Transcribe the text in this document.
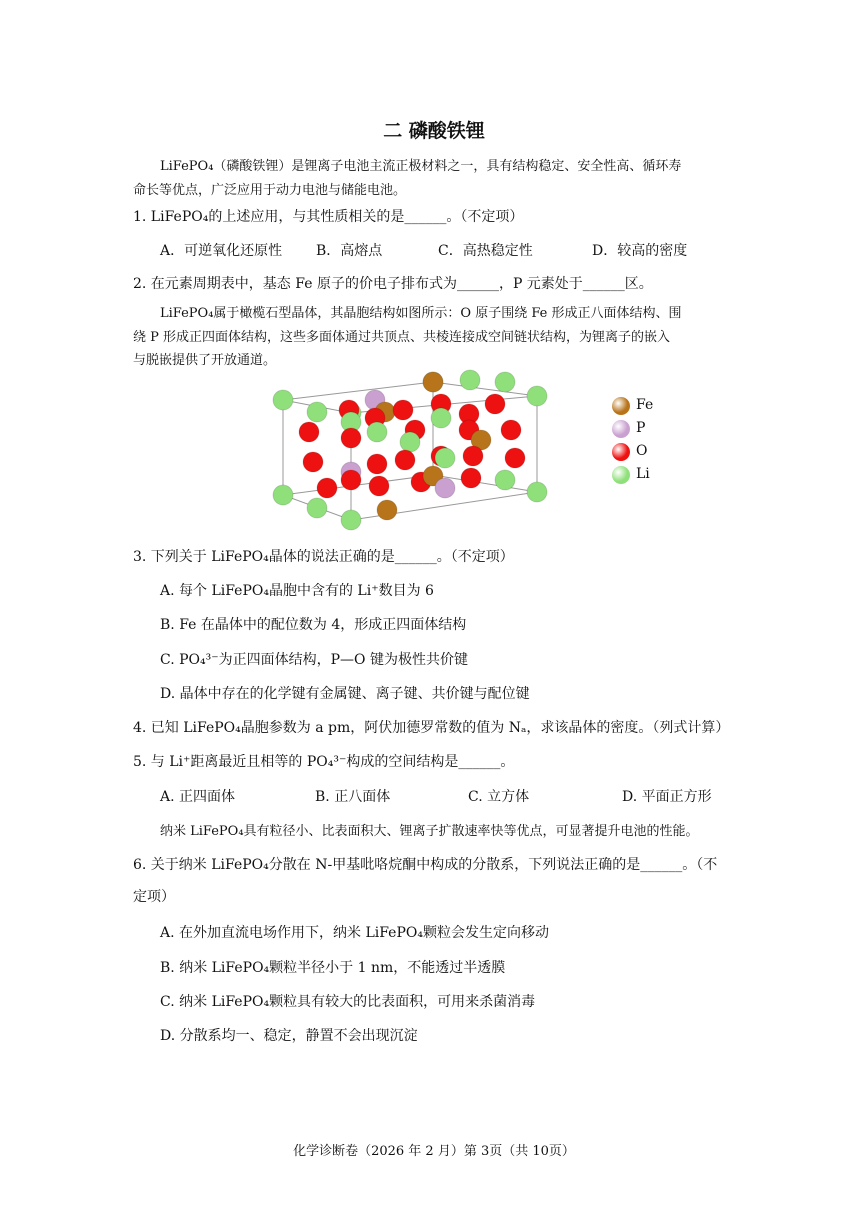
二 磷酸铁锂
LiFePO₄（磷酸铁锂）是锂离子电池主流正极材料之一，具有结构稳定、安全性高、循环寿
命长等优点，广泛应用于动力电池与储能电池。
1. LiFePO₄的上述应用，与其性质相关的是______。（不定项）
A．可逆氧化还原性 B．高熔点	C．高热稳定性	D．较高的密度
2. 在元素周期表中，基态 Fe 原子的价电子排布式为______，P 元素处于______区。
LiFePO₄属于橄榄石型晶体，其晶胞结构如图所示：O 原子围绕 Fe 形成正八面体结构、围
绕 P 形成正四面体结构，这些多面体通过共顶点、共棱连接成空间链状结构，为锂离子的嵌入
与脱嵌提供了开放通道。
Fe
P
O
Li
3. 下列关于 LiFePO₄晶体的说法正确的是______。（不定项）
A. 每个 LiFePO₄晶胞中含有的 Li⁺数目为 6
B. Fe 在晶体中的配位数为 4，形成正四面体结构
C. PO₄³⁻为正四面体结构，P—O 键为极性共价键
D. 晶体中存在的化学键有金属键、离子键、共价键与配位键
4. 已知 LiFePO₄晶胞参数为 a pm，阿伏加德罗常数的值为 Nₐ，求该晶体的密度。（列式计算）
5. 与 Li⁺距离最近且相等的 PO₄³⁻构成的空间结构是______。
A. 正四面体	B. 正八面体	C. 立方体	D. 平面正方形
纳米 LiFePO₄具有粒径小、比表面积大、锂离子扩散速率快等优点，可显著提升电池的性能。
6. 关于纳米 LiFePO₄分散在 N-甲基吡咯烷酮中构成的分散系，下列说法正确的是______。（不
定项）
A. 在外加直流电场作用下，纳米 LiFePO₄颗粒会发生定向移动
B. 纳米 LiFePO₄颗粒半径小于 1 nm，不能透过半透膜
C. 纳米 LiFePO₄颗粒具有较大的比表面积，可用来杀菌消毒
D. 分散系均一、稳定，静置不会出现沉淀
化学诊断卷（2026 年 2 月）第 3页（共 10页）
